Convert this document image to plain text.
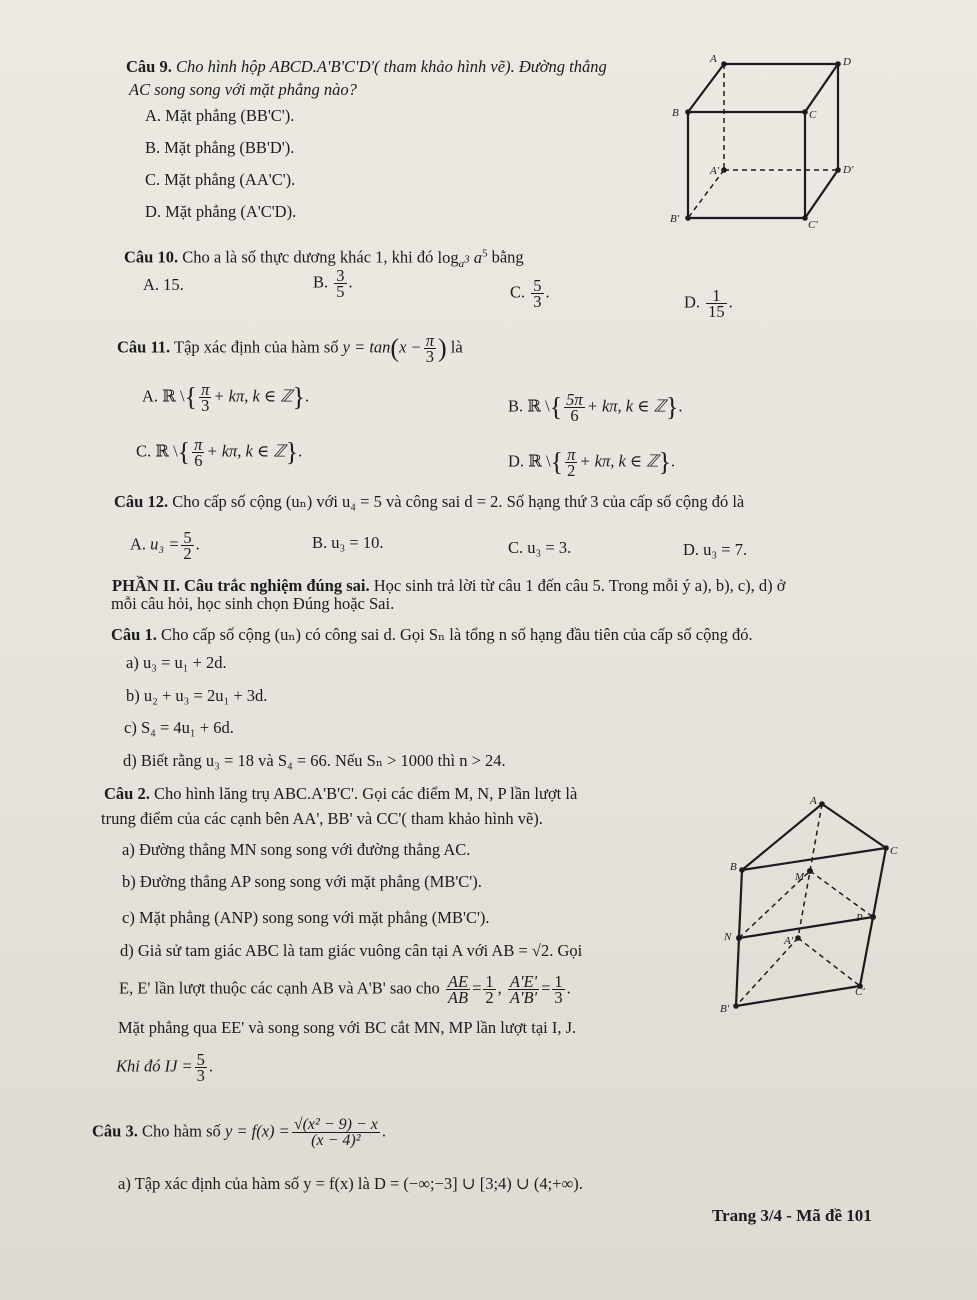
Câu 9. Cho hình hộp ABCD.A'B'C'D'( tham khảo hình vẽ). Đường thẳng
AC song song với mặt phẳng nào?
A. Mặt phẳng (BB'C').
B. Mặt phẳng (BB'D').
C. Mặt phẳng (AA'C').
D. Mặt phẳng (A'C'D).
A	D
B	C
A'	D'
B'	C'
Câu 10. Cho a là số thực dương khác 1, khi đó $\log_{a^3} a^5$ bằng
A. 15.	B. $\frac{3}{5}$ .
C. $\frac{5}{3}$ .
D. $\frac{1}{15}$ .
Câu 11. Tập xác định của hàm số $y = \tan(x - \frac{\pi}{3}$ ) là
A. ℝ \{ $\frac{\pi}{3} + k\pi$, k ∈ ℤ}.
B. ℝ \{ $\frac{5\pi}{6} + k\pi$, k ∈ ℤ}.
C. ℝ \{ $\frac{\pi}{6} + k\pi$, k ∈ ℤ}.
D. ℝ \{ $\frac{\pi}{2} + k\pi$, k ∈ ℤ}.
Câu 12. Cho cấp số cộng (uₙ) với u₄ = 5 và công sai d = 2. Số hạng thứ 3 của cấp số cộng đó là
A. $u_3 = \frac{5}{2}$ .	B. u₃ = 10.	C. u₃ = 3.	D. u₃ = 7.
PHẦN II. Câu trắc nghiệm đúng sai. Học sinh trả lời từ câu 1 đến câu 5. Trong mỗi ý a), b), c), d) ở
mỗi câu hỏi, học sinh chọn Đúng hoặc Sai.
Câu 1. Cho cấp số cộng (uₙ) có công sai d. Gọi Sₙ là tổng n số hạng đầu tiên của cấp số cộng đó.
a) u₃ = u₁ + 2d.
b) u₂ + u₃ = 2u₁ + 3d.
c) S₄ = 4u₁ + 6d.
d) Biết rằng u₃ = 18 và S₄ = 66. Nếu Sₙ > 1000 thì n > 24.
Câu 2. Cho hình lăng trụ ABC.A'B'C'. Gọi các điểm M, N, P lần lượt là
trung điểm của các cạnh bên AA', BB' và CC'( tham khảo hình vẽ).
a) Đường thẳng MN song song với đường thẳng AC.
b) Đường thẳng AP song song với mặt phẳng (MB'C').
c) Mặt phẳng (ANP) song song với mặt phẳng (MB'C').
d) Giả sử tam giác ABC là tam giác vuông cân tại A với AB = √2. Gọi
E, E' lần lượt thuộc các cạnh AB và A'B' sao cho $\frac{AE}{AB} = \frac{1}{2}$ , $\frac{A'E'}{A'B'} = \frac{1}{3}$ .
Mặt phẳng qua EE' và song song với BC cắt MN, MP lần lượt tại I, J.
Khi đó IJ = $\frac{5}{3}$ .
A
C
B
M
P
N	A'
C'
B'
Câu 3. Cho hàm số $y = f(x) = \frac{\text{√(x² − 9) − x}}{\text{(x − 4)²}}$ .
a) Tập xác định của hàm số y = f(x) là D = (−∞;−3] ∪ [3;4) ∪ (4;+∞).
Trang 3/4 - Mã đề 101
